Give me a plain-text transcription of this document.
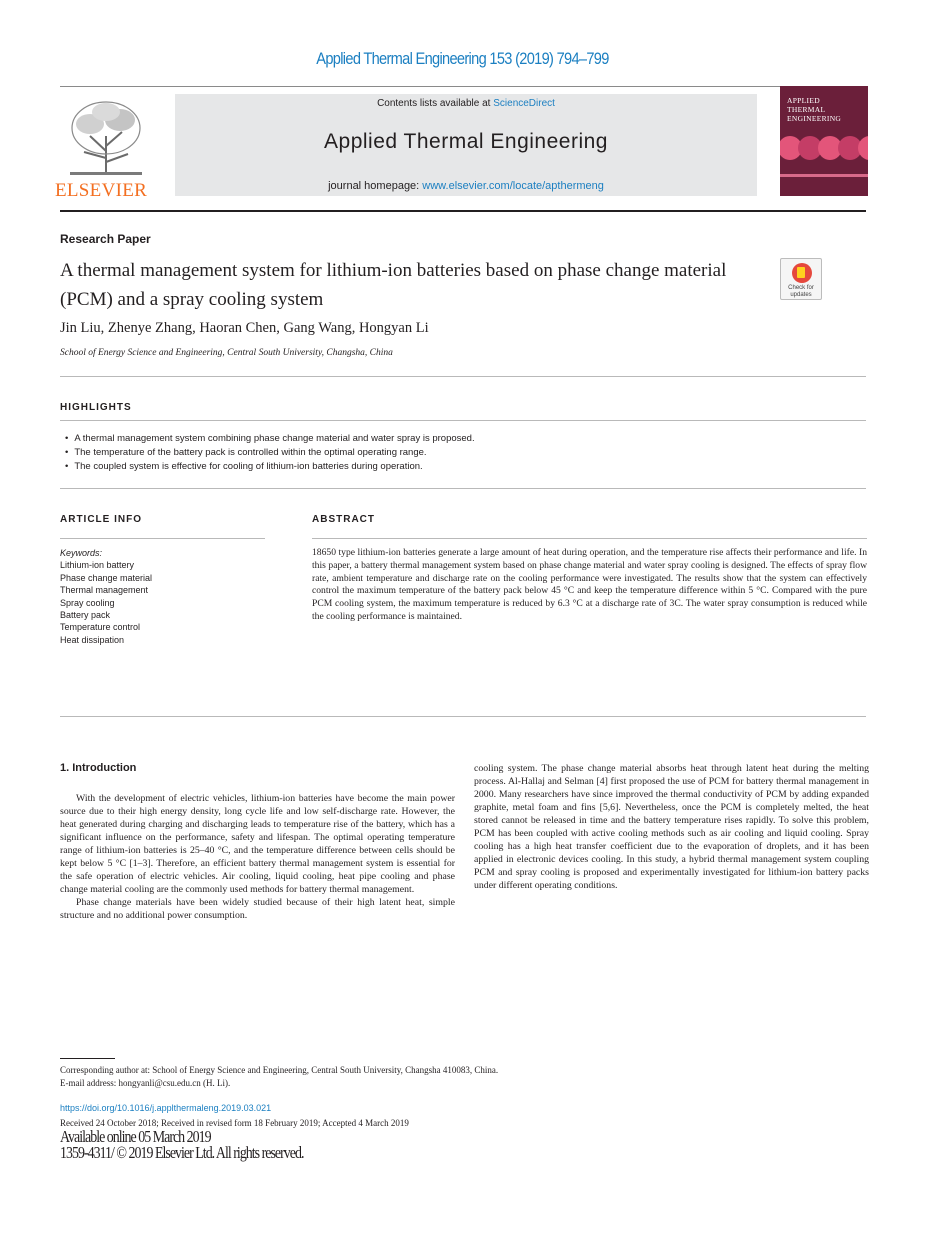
Applied Thermal Engineering 153 (2019) 794–799
ELSEVIER
Contents lists available at ScienceDirect
Applied Thermal Engineering
journal homepage: www.elsevier.com/locate/apthermeng
APPLIED
THERMAL
ENGINEERING
Research Paper
A thermal management system for lithium-ion batteries based on phase change material (PCM) and a spray cooling system
Check for updates
Jin Liu, Zhenye Zhang, Haoran Chen, Gang Wang, Hongyan Li
School of Energy Science and Engineering, Central South University, Changsha, China
HIGHLIGHTS
• A thermal management system combining phase change material and water spray is proposed.
• The temperature of the battery pack is controlled within the optimal operating range.
• The coupled system is effective for cooling of lithium-ion batteries during operation.
ARTICLE INFO	ABSTRACT
Keywords:
Lithium-ion battery
Phase change material
Thermal management
Spray cooling
Battery pack
Temperature control
Heat dissipation
18650 type lithium-ion batteries generate a large amount of heat during operation, and the temperature rise affects their performance and life. In this paper, a battery thermal management system based on phase change material and water spray cooling is designed. The effects of spray flow rate, ambient temperature and discharge rate on the cooling performance were investigated. The results show that the system can effectively control the maximum temperature of the battery pack below 45 °C and keep the temperature difference within 5 °C. Compared with the pure PCM cooling system, the maximum temperature is reduced by 6.3 °C at a discharge rate of 3C. The water spray consumption is reduced while the cooling performance is maintained.
1. Introduction

With the development of electric vehicles, lithium-ion batteries have become the main power source due to their high energy density, long cycle life and low self-discharge rate. However, the heat generated during charging and discharging leads to temperature rise of the battery, which has a significant influence on the performance, safety and lifespan. The optimal operating temperature range of lithium-ion batteries is 25–40 °C, and the temperature difference between cells should be kept below 5 °C [1–3]. Therefore, an efficient battery thermal management system is essential for the safe operation of electric vehicles. Air cooling, liquid cooling, heat pipe cooling and phase change material cooling are the commonly used methods for battery thermal management.

Phase change materials have been widely studied because of their high latent heat, simple structure and no additional power consumption.

cooling system. The phase change material absorbs heat through latent heat during the melting process. Al-Hallaj and Selman [4] first proposed the use of PCM for battery thermal management in 2000. Many researchers have since improved the thermal conductivity of PCM by adding expanded graphite, metal foam and fins [5,6]. Nevertheless, once the PCM is completely melted, the heat stored cannot be released in time and the battery temperature rises rapidly. To solve this problem, PCM has been coupled with active cooling methods such as air cooling and liquid cooling. Spray cooling has a high heat transfer coefficient due to the evaporation of droplets, and it has been applied in electronic devices cooling. In this study, a hybrid thermal management system coupling PCM and spray cooling is proposed and experimentally investigated for lithium-ion battery packs under different operating conditions.

Corresponding author at: School of Energy Science and Engineering, Central South University, Changsha 410083, China.
E-mail address: hongyanli@csu.edu.cn (H. Li).
https://doi.org/10.1016/j.applthermaleng.2019.03.021
Received 24 October 2018; Received in revised form 18 February 2019; Accepted 4 March 2019
Available online 05 March 2019
1359-4311/ © 2019 Elsevier Ltd. All rights reserved.
